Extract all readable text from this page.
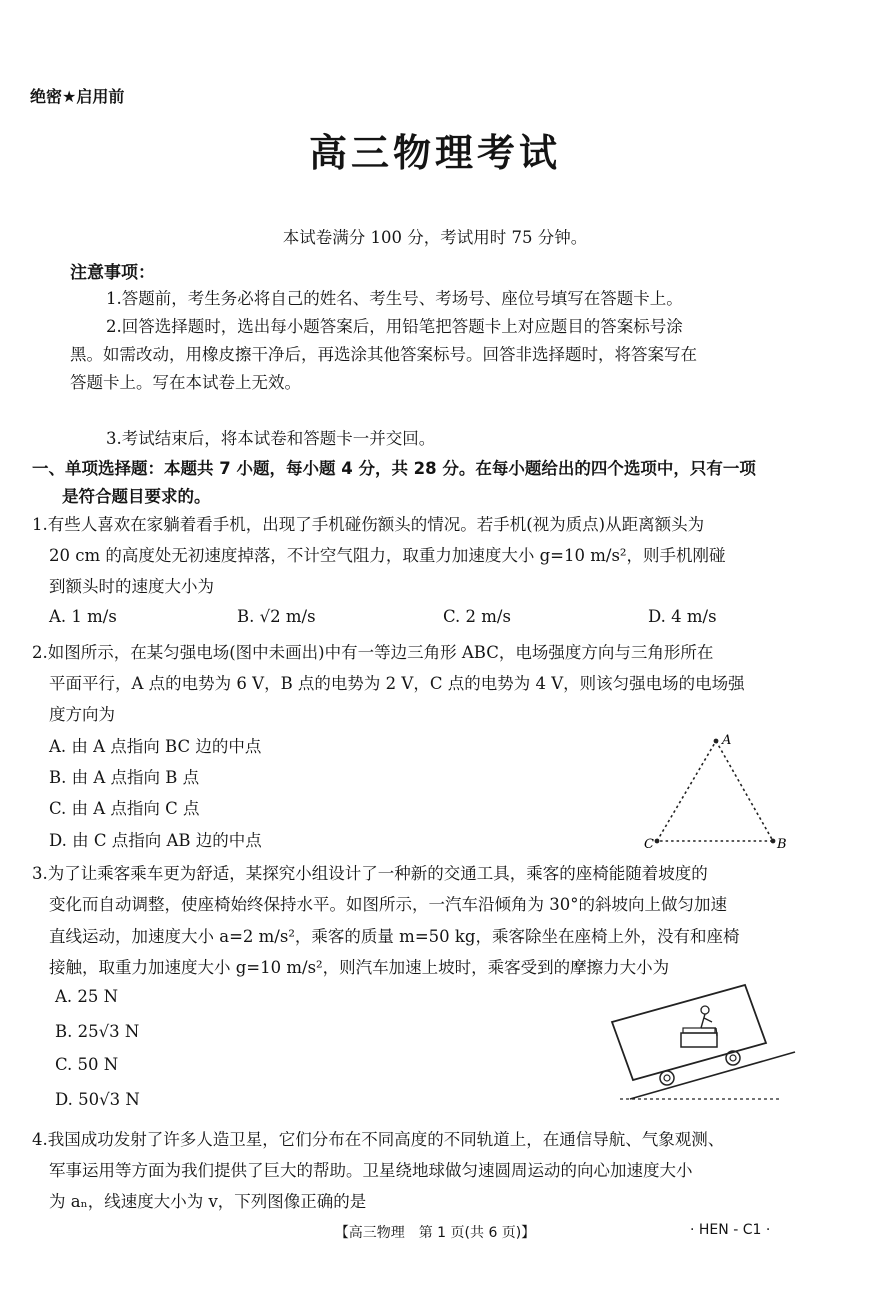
绝密★启用前
高三物理考试
本试卷满分 100 分，考试用时 75 分钟。
注意事项：
1.答题前，考生务必将自己的姓名、考生号、考场号、座位号填写在答题卡上。
2.回答选择题时，选出每小题答案后，用铅笔把答题卡上对应题目的答案标号涂
黑。如需改动，用橡皮擦干净后，再选涂其他答案标号。回答非选择题时，将答案写在
答题卡上。写在本试卷上无效。
3.考试结束后，将本试卷和答题卡一并交回。
一、单项选择题：本题共 7 小题，每小题 4 分，共 28 分。在每小题给出的四个选项中，只有一项
是符合题目要求的。
1.有些人喜欢在家躺着看手机，出现了手机碰伤额头的情况。若手机(视为质点)从距离额头为
20 cm 的高度处无初速度掉落，不计空气阻力，取重力加速度大小 g=10 m/s²，则手机刚碰
到额头时的速度大小为
A. 1 m/s	B. √2 m/s	C. 2 m/s	D. 4 m/s
2.如图所示，在某匀强电场(图中未画出)中有一等边三角形 ABC，电场强度方向与三角形所在
平面平行，A 点的电势为 6 V，B 点的电势为 2 V，C 点的电势为 4 V，则该匀强电场的电场强
度方向为
A. 由 A 点指向 BC 边的中点
B. 由 A 点指向 B 点
C. 由 A 点指向 C 点
D. 由 C 点指向 AB 边的中点
A
B
C
3.为了让乘客乘车更为舒适，某探究小组设计了一种新的交通工具，乘客的座椅能随着坡度的
变化而自动调整，使座椅始终保持水平。如图所示，一汽车沿倾角为 30°的斜坡向上做匀加速
直线运动，加速度大小 a=2 m/s²，乘客的质量 m=50 kg，乘客除坐在座椅上外，没有和座椅
接触，取重力加速度大小 g=10 m/s²，则汽车加速上坡时，乘客受到的摩擦力大小为
A. 25 N
B. 25√3 N
C. 50 N
D. 50√3 N
4.我国成功发射了许多人造卫星，它们分布在不同高度的不同轨道上，在通信导航、气象观测、
军事运用等方面为我们提供了巨大的帮助。卫星绕地球做匀速圆周运动的向心加速度大小
为 aₙ，线速度大小为 v，下列图像正确的是
【高三物理　第 1 页(共 6 页)】	· HEN - C1 ·
